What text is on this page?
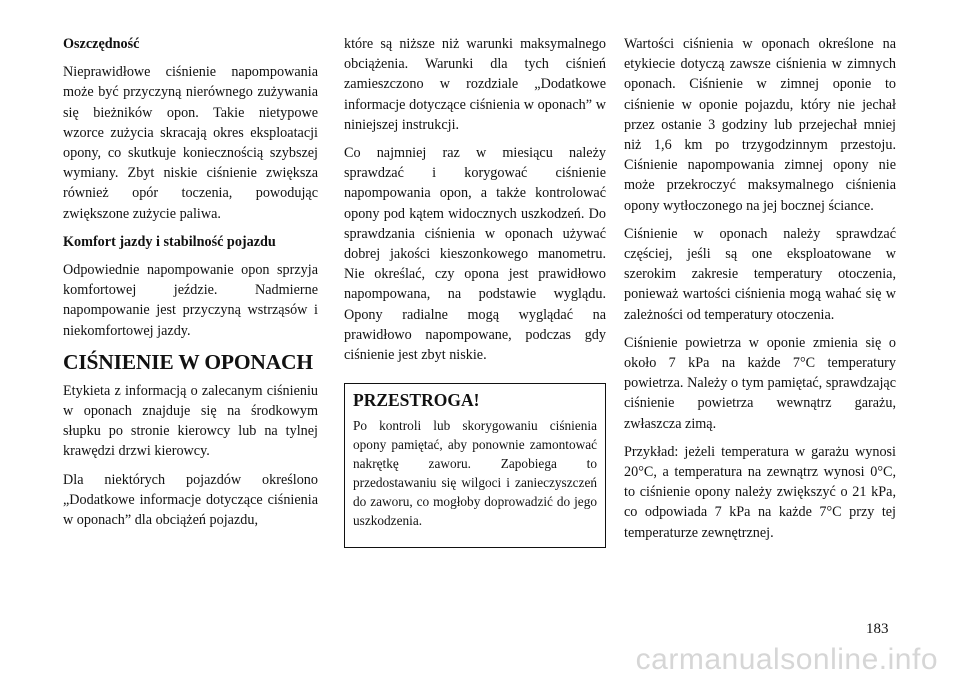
Oszczędność

Nieprawidłowe ciśnienie napompowania może być przyczyną nierównego zużywania się bieżników opon. Takie nietypowe wzorce zużycia skracają okres eksploatacji opony, co skutkuje koniecznością szybszej wymiany. Zbyt niskie ciśnienie zwiększa również opór toczenia, powodując zwiększone zużycie paliwa.

Komfort jazdy i stabilność pojazdu

Odpowiednie napompowanie opon sprzyja komfortowej jeździe. Nadmierne napompowanie jest przyczyną wstrząsów i niekomfortowej jazdy.

CIŚNIENIE W OPONACH

Etykieta z informacją o zalecanym ciśnieniu w oponach znajduje się na środkowym słupku po stronie kierowcy lub na tylnej krawędzi drzwi kierowcy.

Dla niektórych pojazdów określono „Dodatkowe informacje dotyczące ciśnienia w oponach” dla obciążeń pojazdu,

które są niższe niż warunki maksymalnego obciążenia. Warunki dla tych ciśnień zamieszczono w rozdziale „Dodatkowe informacje dotyczące ciśnienia w oponach” w niniejszej instrukcji.

Co najmniej raz w miesiącu należy sprawdzać i korygować ciśnienie napompowania opon, a także kontrolować opony pod kątem widocznych uszkodzeń. Do sprawdzania ciśnienia w oponach używać dobrej jakości kieszonkowego manometru. Nie określać, czy opona jest prawidłowo napompowana, na podstawie wyglądu. Opony radialne mogą wyglądać na prawidłowo napompowane, podczas gdy ciśnienie jest zbyt niskie.

PRZESTROGA!

Po kontroli lub skorygowaniu ciśnienia opony pamiętać, aby ponownie zamontować nakrętkę zaworu. Zapobiega to przedostawaniu się wilgoci i zanieczyszczeń do zaworu, co mogłoby doprowadzić do jego uszkodzenia.

Wartości ciśnienia w oponach określone na etykiecie dotyczą zawsze ciśnienia w zimnych oponach. Ciśnienie w zimnej oponie to ciśnienie w oponie pojazdu, który nie jechał przez ostanie 3 godziny lub przejechał mniej niż 1,6 km po trzygodzinnym przestoju. Ciśnienie napompowania zimnej opony nie może przekroczyć maksymalnego ciśnienia opony wytłoczonego na jej bocznej ściance.

Ciśnienie w oponach należy sprawdzać częściej, jeśli są one eksploatowane w szerokim zakresie temperatury otoczenia, ponieważ wartości ciśnienia mogą wahać się w zależności od temperatury otoczenia.

Ciśnienie powietrza w oponie zmienia się o około 7 kPa na każde 7°C temperatury powietrza. Należy o tym pamiętać, sprawdzając ciśnienie powietrza wewnątrz garażu, zwłaszcza zimą.

Przykład: jeżeli temperatura w garażu wynosi 20°C, a temperatura na zewnątrz wynosi 0°C, to ciśnienie opony należy zwiększyć o 21 kPa, co odpowiada 7 kPa na każde 7°C przy tej temperaturze zewnętrznej.

183
carmanualsonline.info
